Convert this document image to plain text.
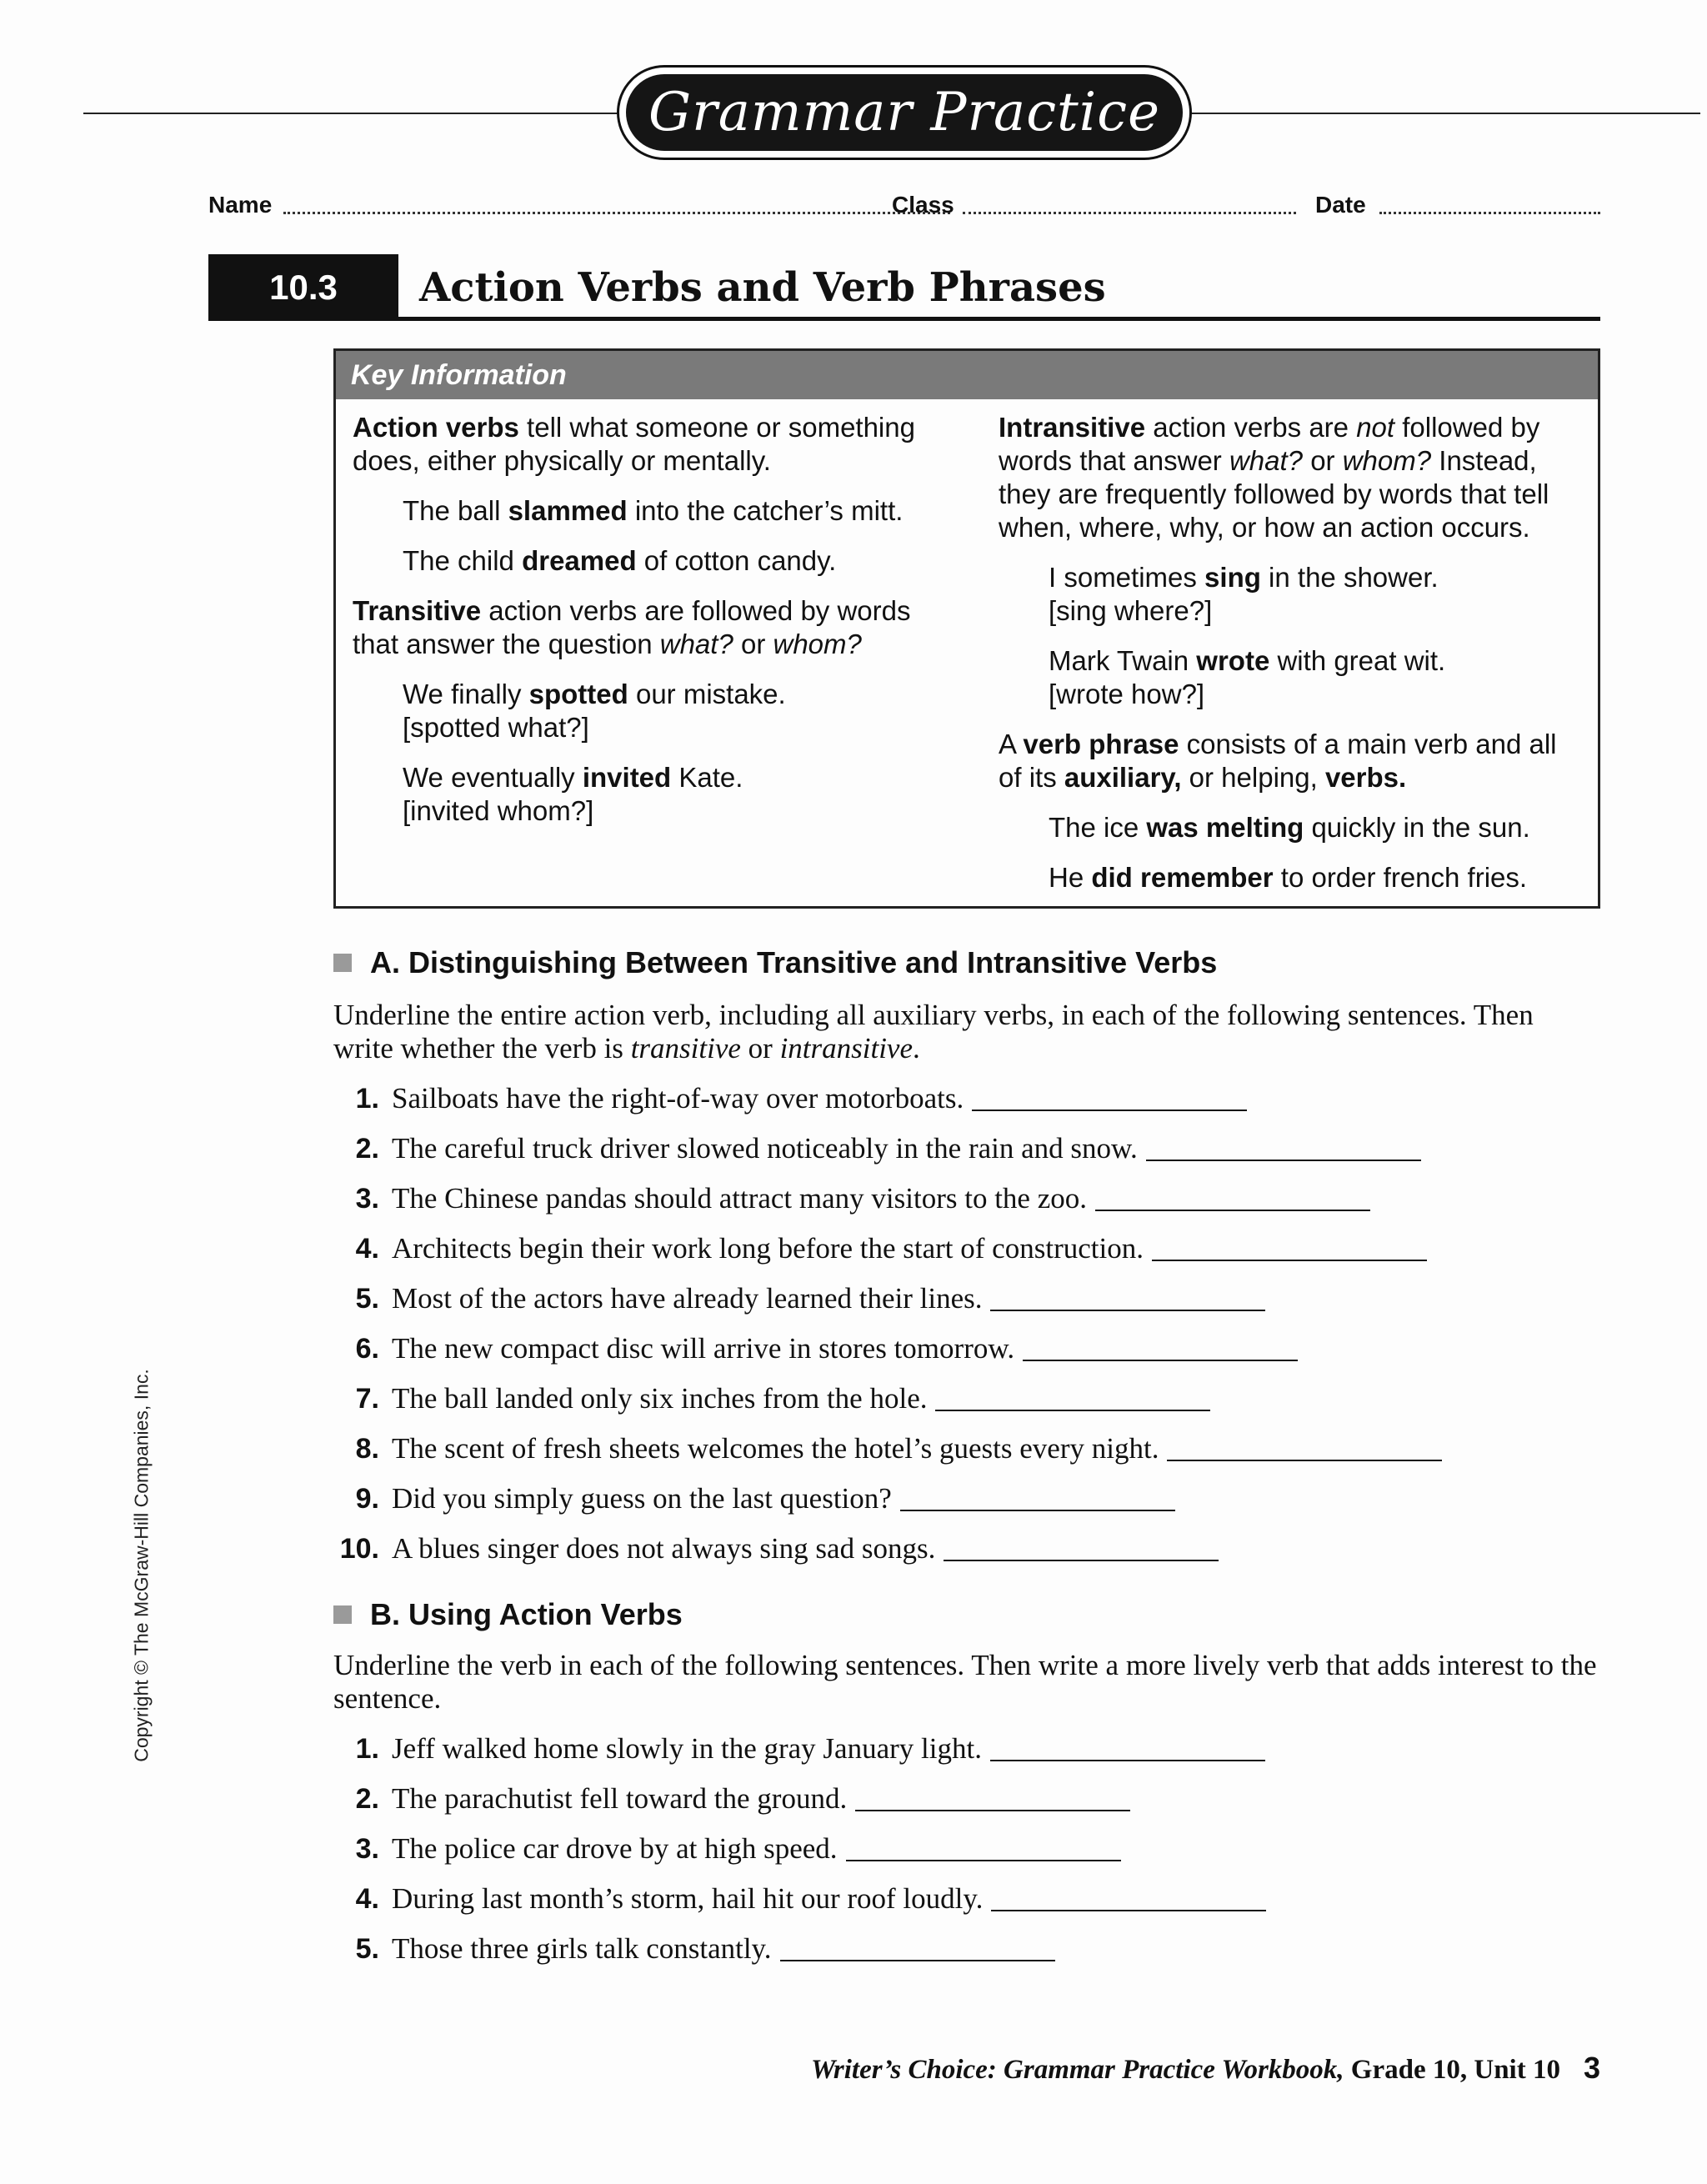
Grammar Practice
Name	Class	Date
10.3	Action Verbs and Verb Phrases
Key Information

Action verbs tell what someone or something does, either physically or mentally.

The ball slammed into the catcher’s mitt.

The child dreamed of cotton candy.

Transitive action verbs are followed by words that answer the question what? or whom?

We finally spotted our mistake.
[spotted what?]

We eventually invited Kate.
[invited whom?]

Intransitive action verbs are not followed by words that answer what? or whom? Instead, they are frequently followed by words that tell when, where, why, or how an action occurs.

I sometimes sing in the shower.
[sing where?]

Mark Twain wrote with great wit.
[wrote how?]

A verb phrase consists of a main verb and all of its auxiliary, or helping, verbs.

The ice was melting quickly in the sun.

He did remember to order french fries.

A. Distinguishing Between Transitive and Intransitive Verbs
Underline the entire action verb, including all auxiliary verbs, in each of the following sentences. Then write whether the verb is transitive or intransitive.
1. Sailboats have the right-of-way over motorboats.
2. The careful truck driver slowed noticeably in the rain and snow.
3. The Chinese pandas should attract many visitors to the zoo.
4. Architects begin their work long before the start of construction.
5. Most of the actors have already learned their lines.
6. The new compact disc will arrive in stores tomorrow.
7. The ball landed only six inches from the hole.
8. The scent of fresh sheets welcomes the hotel’s guests every night.
9. Did you simply guess on the last question?
10. A blues singer does not always sing sad songs.
B. Using Action Verbs
Underline the verb in each of the following sentences. Then write a more lively verb that adds interest to the sentence.
1. Jeff walked home slowly in the gray January light.
2. The parachutist fell toward the ground.
3. The police car drove by at high speed.
4. During last month’s storm, hail hit our roof loudly.
5. Those three girls talk constantly.
Copyright © The McGraw-Hill Companies, Inc.
Writer’s Choice: Grammar Practice Workbook, Grade 10, Unit 10 3
